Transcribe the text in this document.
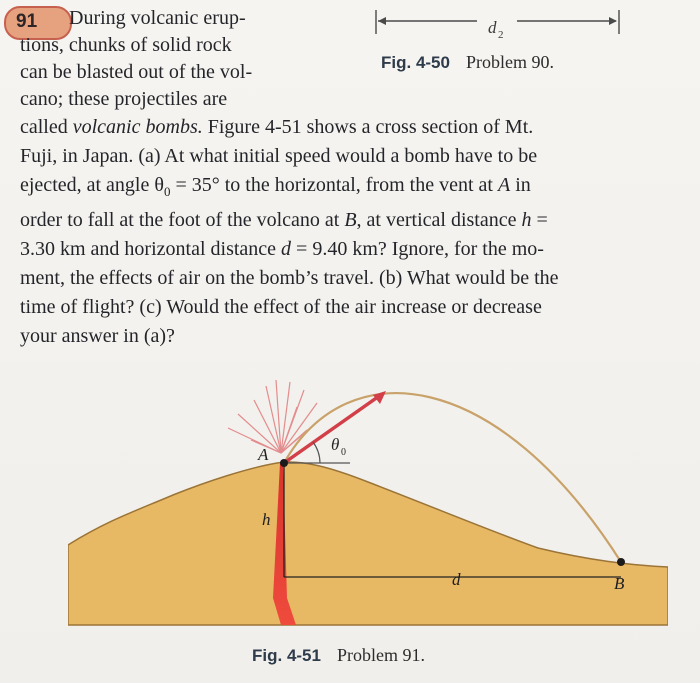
91	During volcanic erup-
tions, chunks of solid rock
can be blasted out of the vol-
cano; these projectiles are
called volcanic bombs. Figure 4-51 shows a cross section of Mt.
Fuji, in Japan. (a) At what initial speed would a bomb have to be
ejected, at angle $\theta_0 = 35^\circ$ to the horizontal, from the vent at A in
order to fall at the foot of the volcano at B, at vertical distance h =
3.30 km and horizontal distance d = 9.40 km? Ignore, for the mo-
ment, the effects of air on the bomb’s travel. (b) What would be the
time of flight? (c) Would the effect of the air increase or decrease
your answer in (a)?
d 2
Fig. 4-50 Problem 90.
θ 0
A
B
h
d
Fig. 4-51 Problem 91.
